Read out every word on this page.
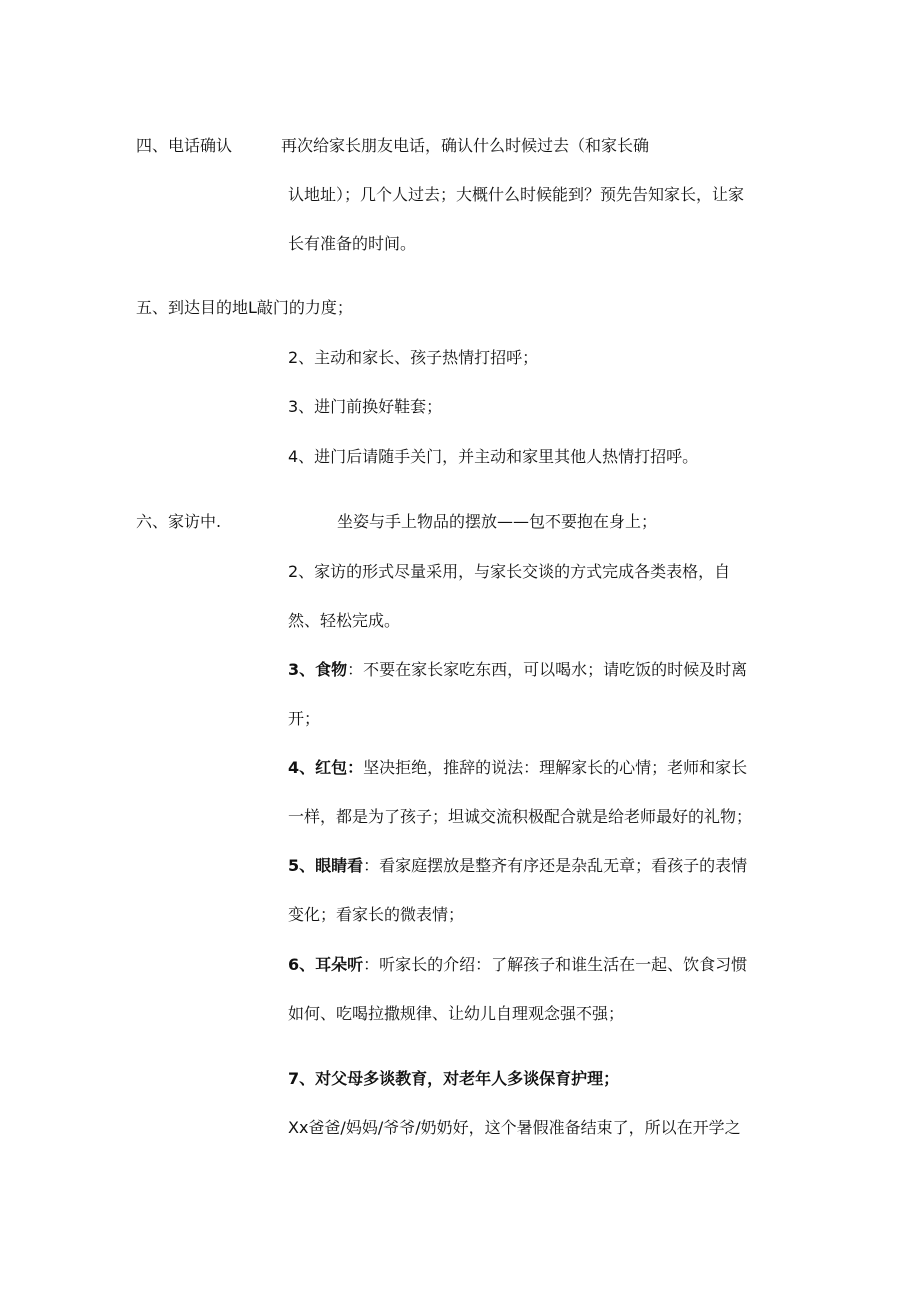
四、电话确认	再次给家长朋友电话，确认什么时候过去（和家长确
认地址）；几个人过去；大概什么时候能到？预先告知家长，让家
长有准备的时间。
五、到达目的地L敲门的力度；
2、主动和家长、孩子热情打招呼；
3、进门前换好鞋套；
4、进门后请随手关门，并主动和家里其他人热情打招呼。
六、家访中.	坐姿与手上物品的摆放——包不要抱在身上；
2、家访的形式尽量采用，与家长交谈的方式完成各类表格，自
然、轻松完成。
3、食物：不要在家长家吃东西，可以喝水；请吃饭的时候及时离
开；
4、红包：坚决拒绝，推辞的说法：理解家长的心情；老师和家长
一样，都是为了孩子；坦诚交流积极配合就是给老师最好的礼物；
5、眼睛看：看家庭摆放是整齐有序还是杂乱无章；看孩子的表情
变化；看家长的微表情；
6、耳朵听：听家长的介绍：了解孩子和谁生活在一起、饮食习惯
如何、吃喝拉撒规律、让幼儿自理观念强不强；
7、对父母多谈教育，对老年人多谈保育护理；
Xx爸爸/妈妈/爷爷/奶奶好，这个暑假准备结束了，所以在开学之
